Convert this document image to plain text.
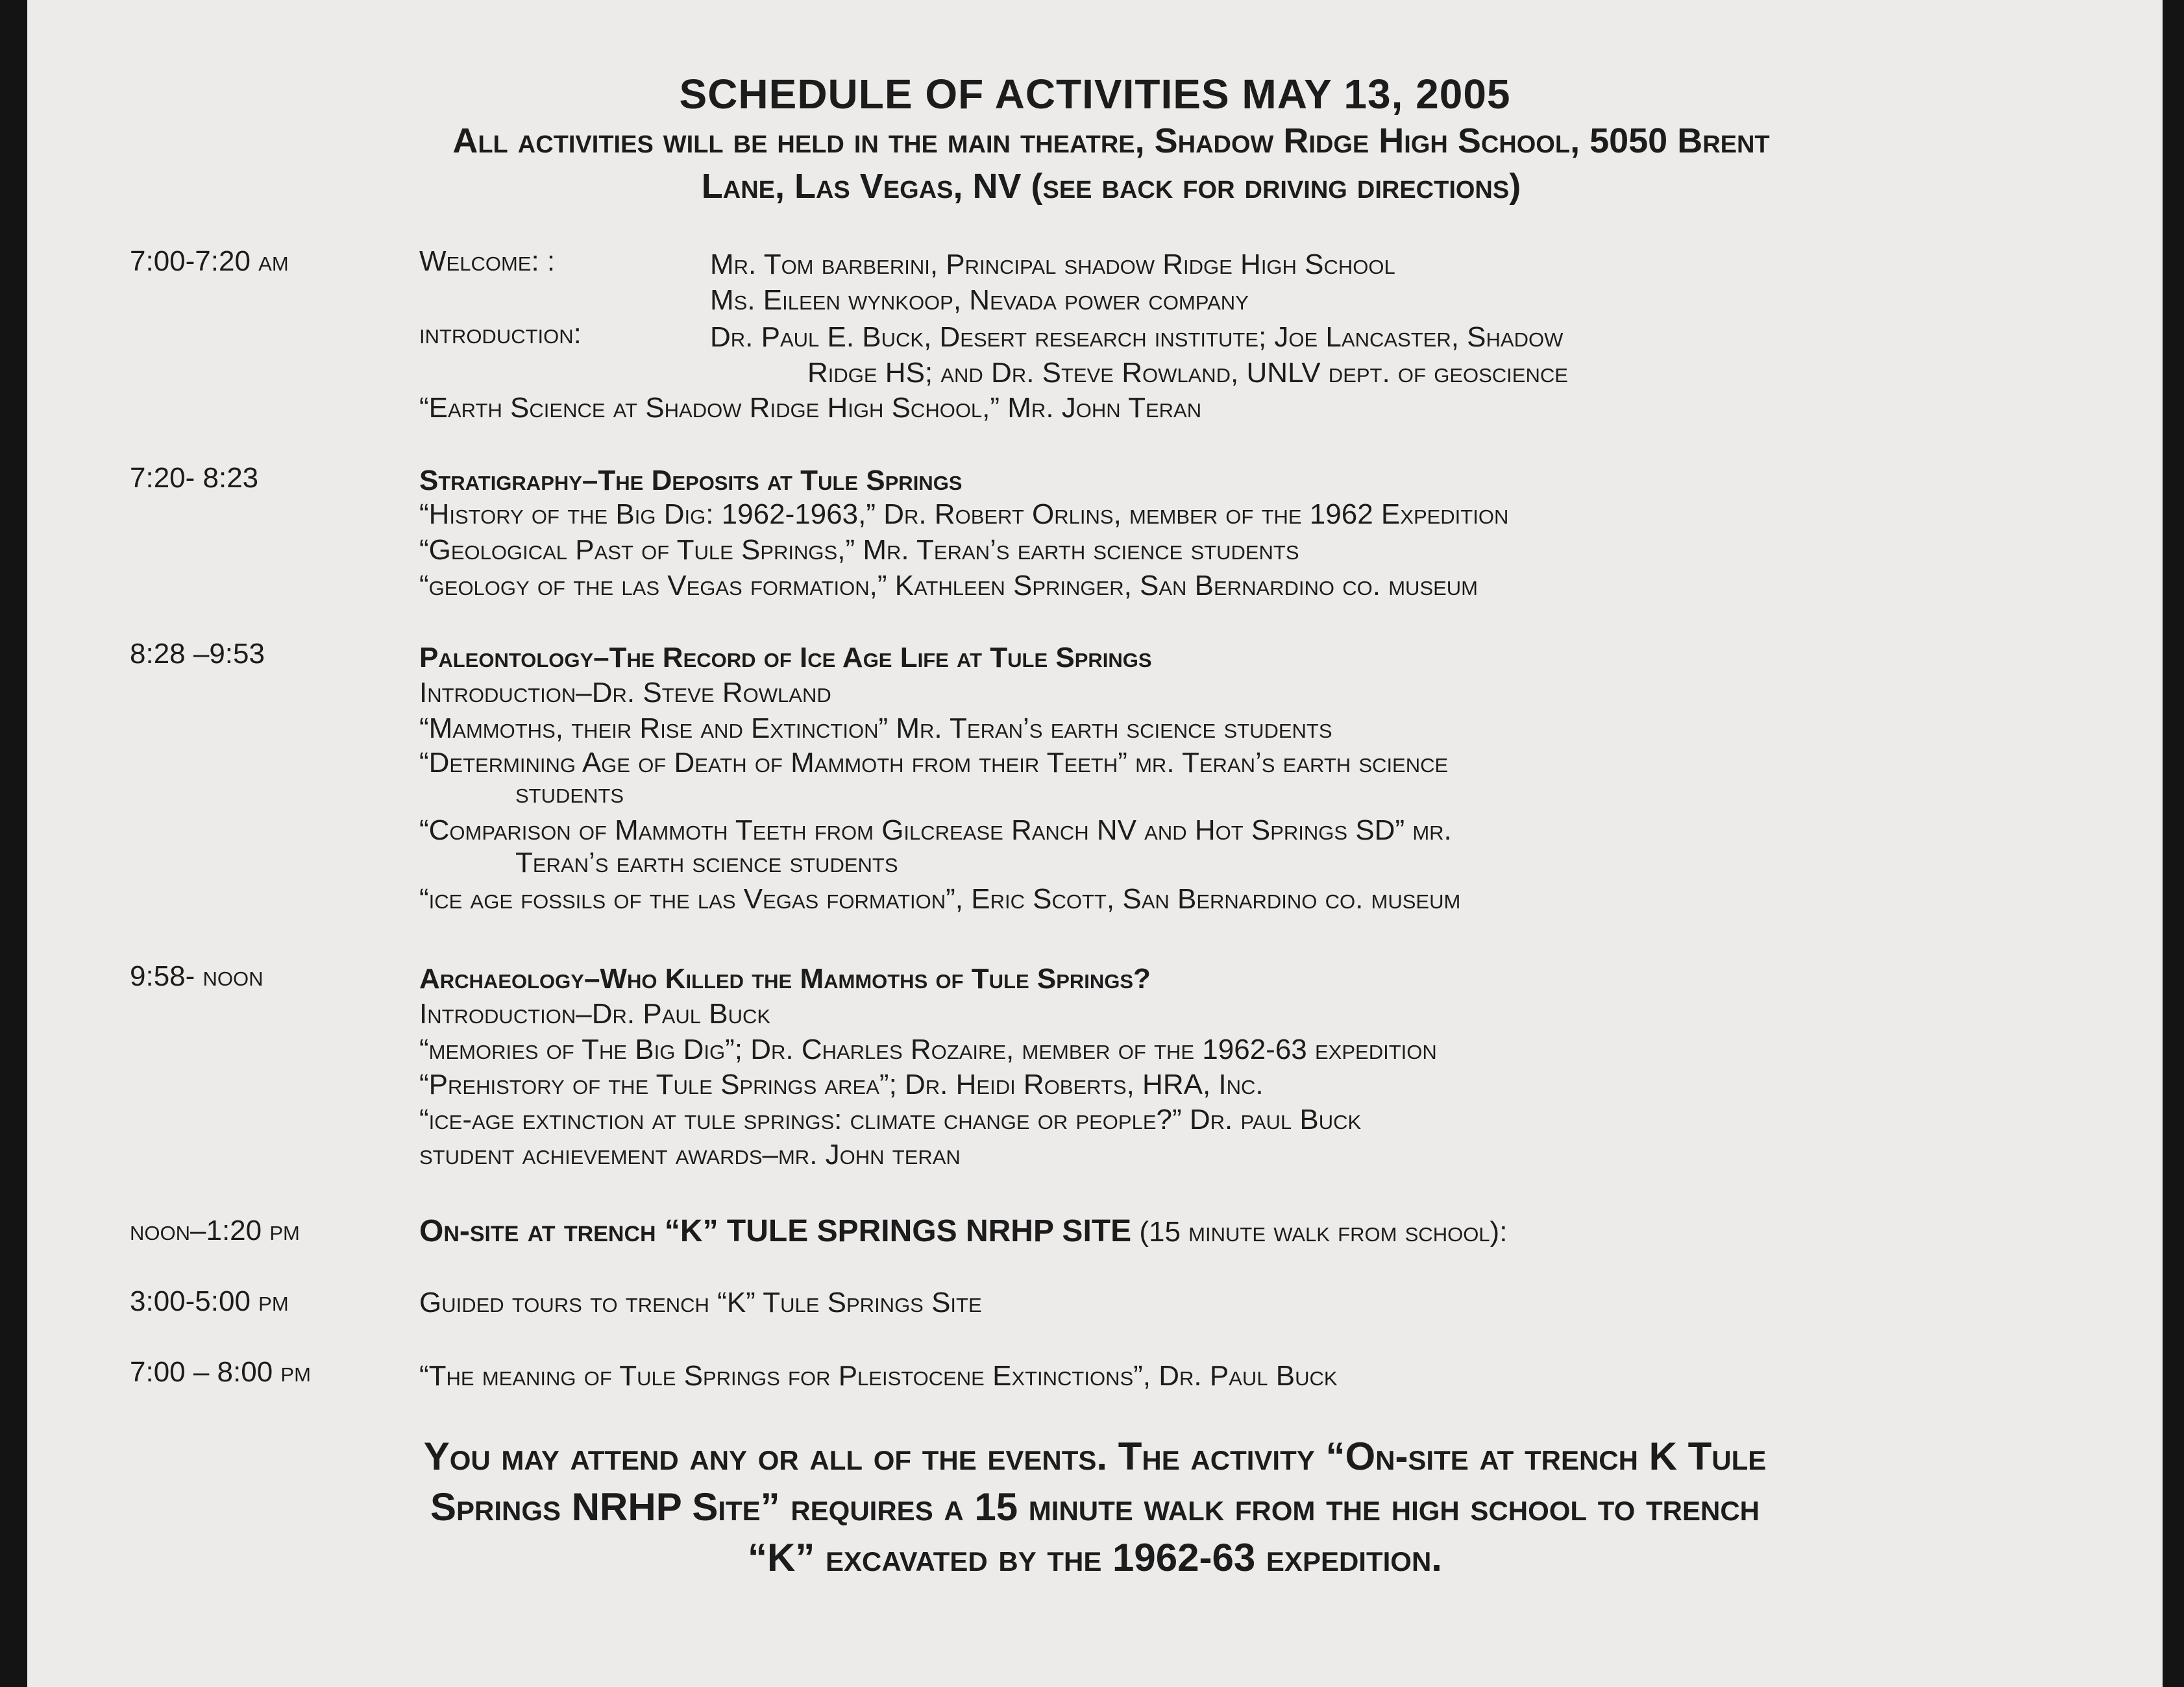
SCHEDULE OF ACTIVITIES MAY 13, 2005
All activities will be held in the main theatre, Shadow Ridge High School, 5050 Brent
Lane, Las Vegas, NV (see back for driving directions)
7:00-7:20 am	Welcome: :	Mr. Tom barberini, Principal shadow Ridge High School
Ms. Eileen wynkoop, Nevada power company
introduction:	Dr. Paul E. Buck, Desert research institute; Joe Lancaster, Shadow
Ridge HS; and Dr. Steve Rowland, UNLV dept. of geoscience
“Earth Science at Shadow Ridge High School,” Mr. John Teran
7:20- 8:23	Stratigraphy–The Deposits at Tule Springs
“History of the Big Dig: 1962-1963,” Dr. Robert Orlins, member of the 1962 Expedition
“Geological Past of Tule Springs,” Mr. Teran’s earth science students
“geology of the las Vegas formation,” Kathleen Springer, San Bernardino co. museum
8:28 –9:53	Paleontology–The Record of Ice Age Life at Tule Springs
Introduction–Dr. Steve Rowland
“Mammoths, their Rise and Extinction” Mr. Teran’s earth science students
“Determining Age of Death of Mammoth from their Teeth” mr. Teran’s earth science
students
“Comparison of Mammoth Teeth from Gilcrease Ranch NV and Hot Springs SD” mr.
Teran’s earth science students
“ice age fossils of the las Vegas formation”, Eric Scott, San Bernardino co. museum
9:58- noon	Archaeology–Who Killed the Mammoths of Tule Springs?
Introduction–Dr. Paul Buck
“memories of The Big Dig”; Dr. Charles Rozaire, member of the 1962-63 expedition
“Prehistory of the Tule Springs area”; Dr. Heidi Roberts, HRA, Inc.
“ice-age extinction at tule springs: climate change or people?” Dr. paul Buck
student achievement awards–mr. John teran
noon–1:20 pm	On-site at trench “K” TULE SPRINGS NRHP SITE (15 minute walk from school):
3:00-5:00 pm	Guided tours to trench “K” Tule Springs Site
7:00 – 8:00 pm	“The meaning of Tule Springs for Pleistocene Extinctions”, Dr. Paul Buck
You may attend any or all of the events. The activity “On-site at trench K Tule
Springs NRHP Site” requires a 15 minute walk from the high school to trench
“K” excavated by the 1962-63 expedition.
